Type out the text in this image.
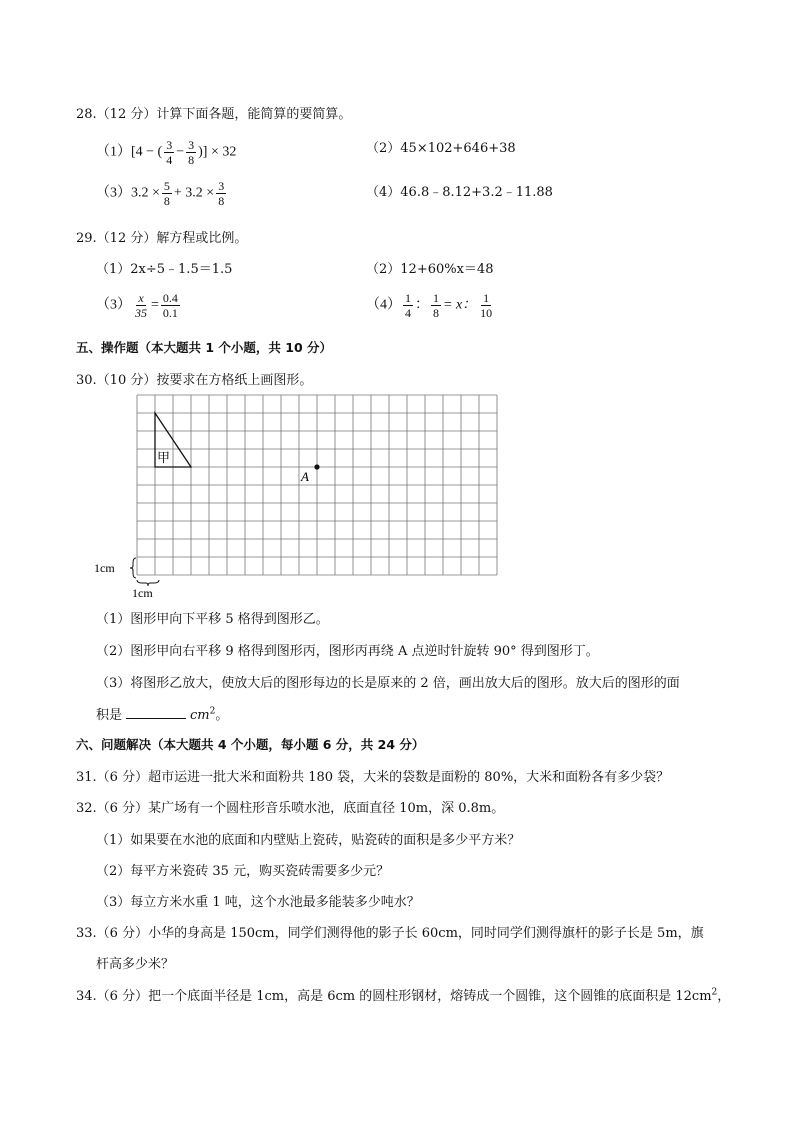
28.（12 分）计算下面各题，能简算的要简算。
（1）[4 − ( $\frac{3}{4} - \frac{3}{8}$ )] × 32	（2）45×102+646+38
$(3)3.2 \times \frac{5}{8} + 3.2 \times \frac{3}{8}$	（4）46.8﹣8.12+3.2﹣11.88
29.（12 分）解方程或比例。
（1）2x÷5﹣1.5＝1.5	（2）12+60%x＝48
$(3) \frac{x}{35} = \frac{0.4}{0.1}$	$(4) \frac{1}{4}$ ： $\frac{1}{8} = x$： $\frac{1}{10}$
五、操作题（本大题共 1 个小题，共 10 分）
30.（10 分）按要求在方格纸上画图形。
甲
A
1cm
1cm
（1）图形甲向下平移 5 格得到图形乙。
（2）图形甲向右平移 9 格得到图形丙，图形丙再绕 A 点逆时针旋转 90° 得到图形丁。
（3）将图形乙放大，使放大后的图形每边的长是原来的 2 倍，画出放大后的图形。放大后的图形的面
积是	$cm^2$。
六、问题解决（本大题共 4 个小题，每小题 6 分，共 24 分）
31.（6 分）超市运进一批大米和面粉共 180 袋，大米的袋数是面粉的 80%，大米和面粉各有多少袋？
32.（6 分）某广场有一个圆柱形音乐喷水池，底面直径 10m，深 0.8m。
（1）如果要在水池的底面和内壁贴上瓷砖，贴瓷砖的面积是多少平方米？
（2）每平方米瓷砖 35 元，购买瓷砖需要多少元？
（3）每立方米水重 1 吨，这个水池最多能装多少吨水？
33.（6 分）小华的身高是 150cm，同学们测得他的影子长 60cm，同时同学们测得旗杆的影子长是 5m，旗
杆高多少米？
34.（6 分）把一个底面半径是 1cm，高是 6cm 的圆柱形钢材，熔铸成一个圆锥，这个圆锥的底面积是 $12cm^2$，
